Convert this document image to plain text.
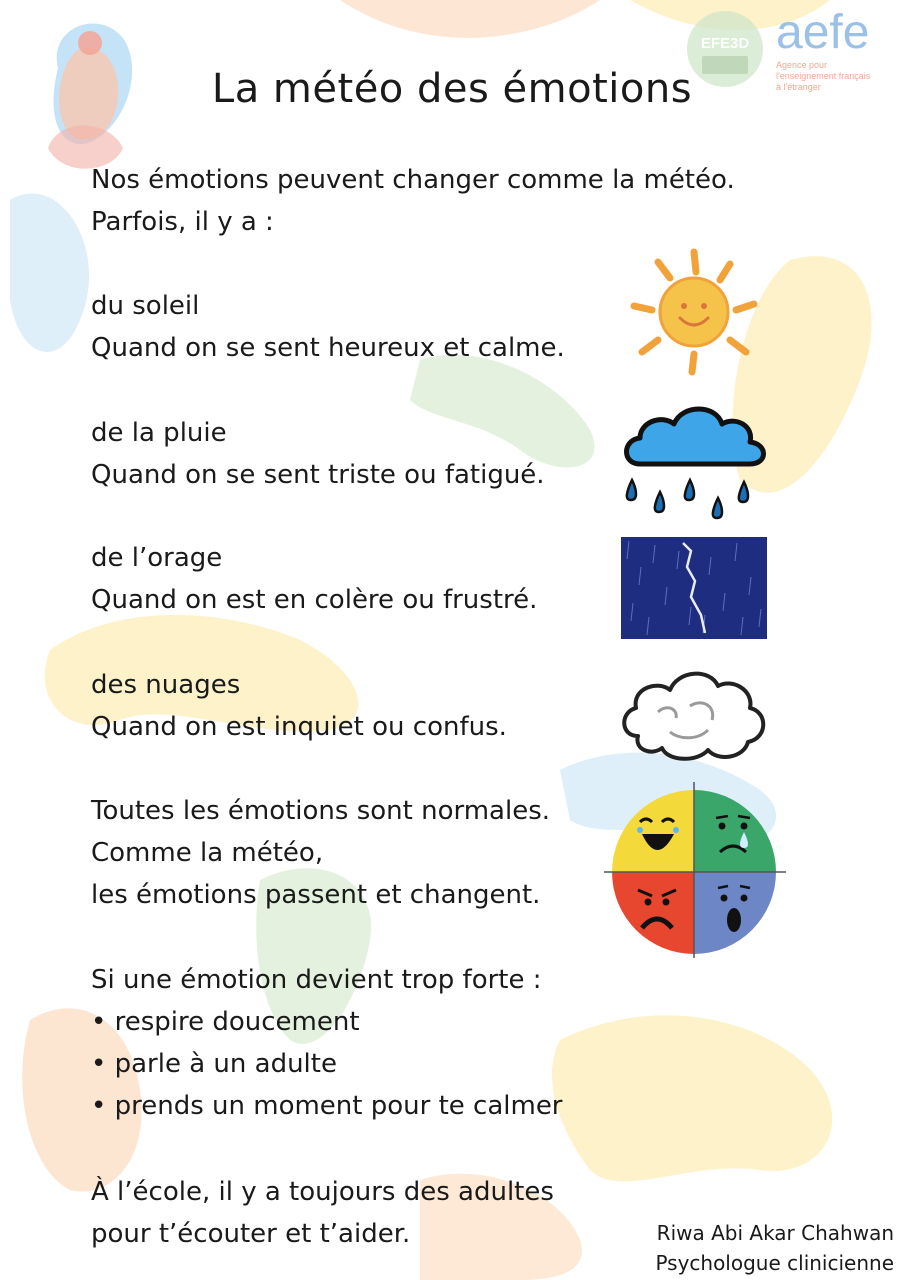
EFE3D aefe
Agence pour
l'enseignement français
à l'étranger
La météo des émotions
Nos émotions peuvent changer comme la météo.
Parfois, il y a :
du soleil
Quand on se sent heureux et calme.
de la pluie
Quand on se sent triste ou fatigué.
de l’orage
Quand on est en colère ou frustré.
des nuages
Quand on est inquiet ou confus.
Toutes les émotions sont normales.
Comme la météo,
les émotions passent et changent.
Si une émotion devient trop forte :
• respire doucement
• parle à un adulte
• prends un moment pour te calmer
À l’école, il y a toujours des adultes
pour t’écouter et t’aider.	Riwa Abi Akar Chahwan
Psychologue clinicienne
